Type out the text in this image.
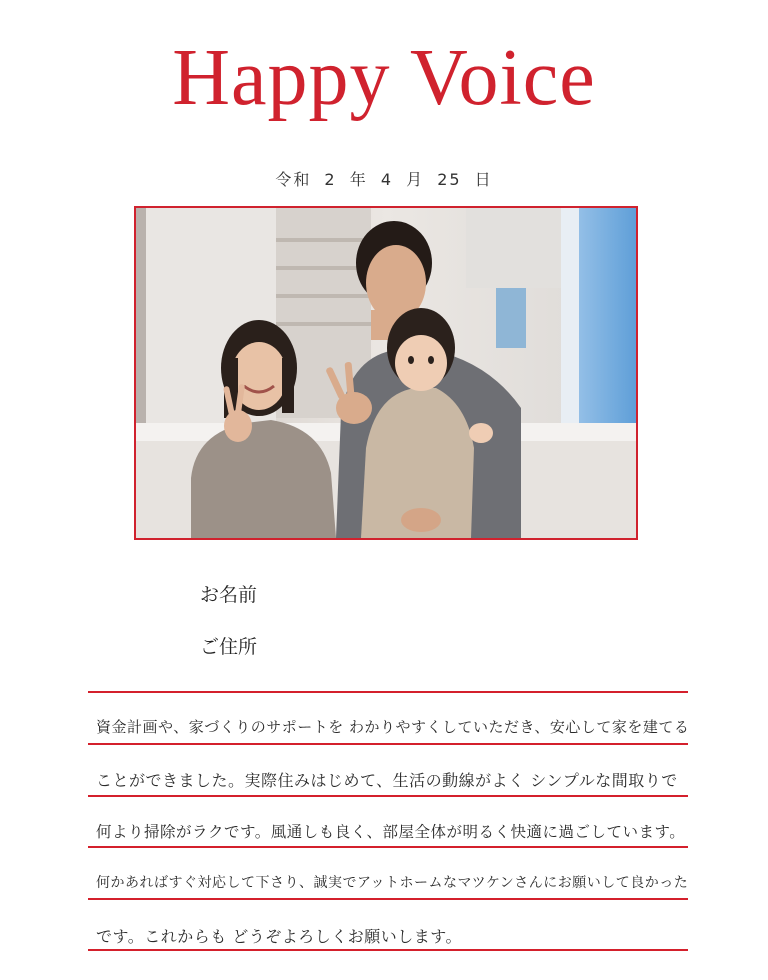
Happy Voice
令和 2 年 4 月 25 日
お名前
ご住所
資金計画や、家づくりのサポートを わかりやすくしていただき、安心して家を建てる
ことができました。実際住みはじめて、生活の動線がよく シンプルな間取りで
何より掃除がラクです。風通しも良く、部屋全体が明るく快適に過ごしています。
何かあればすぐ対応して下さり、誠実でアットホームなマツケンさんにお願いして良かった
です。これからも どうぞよろしくお願いします。
